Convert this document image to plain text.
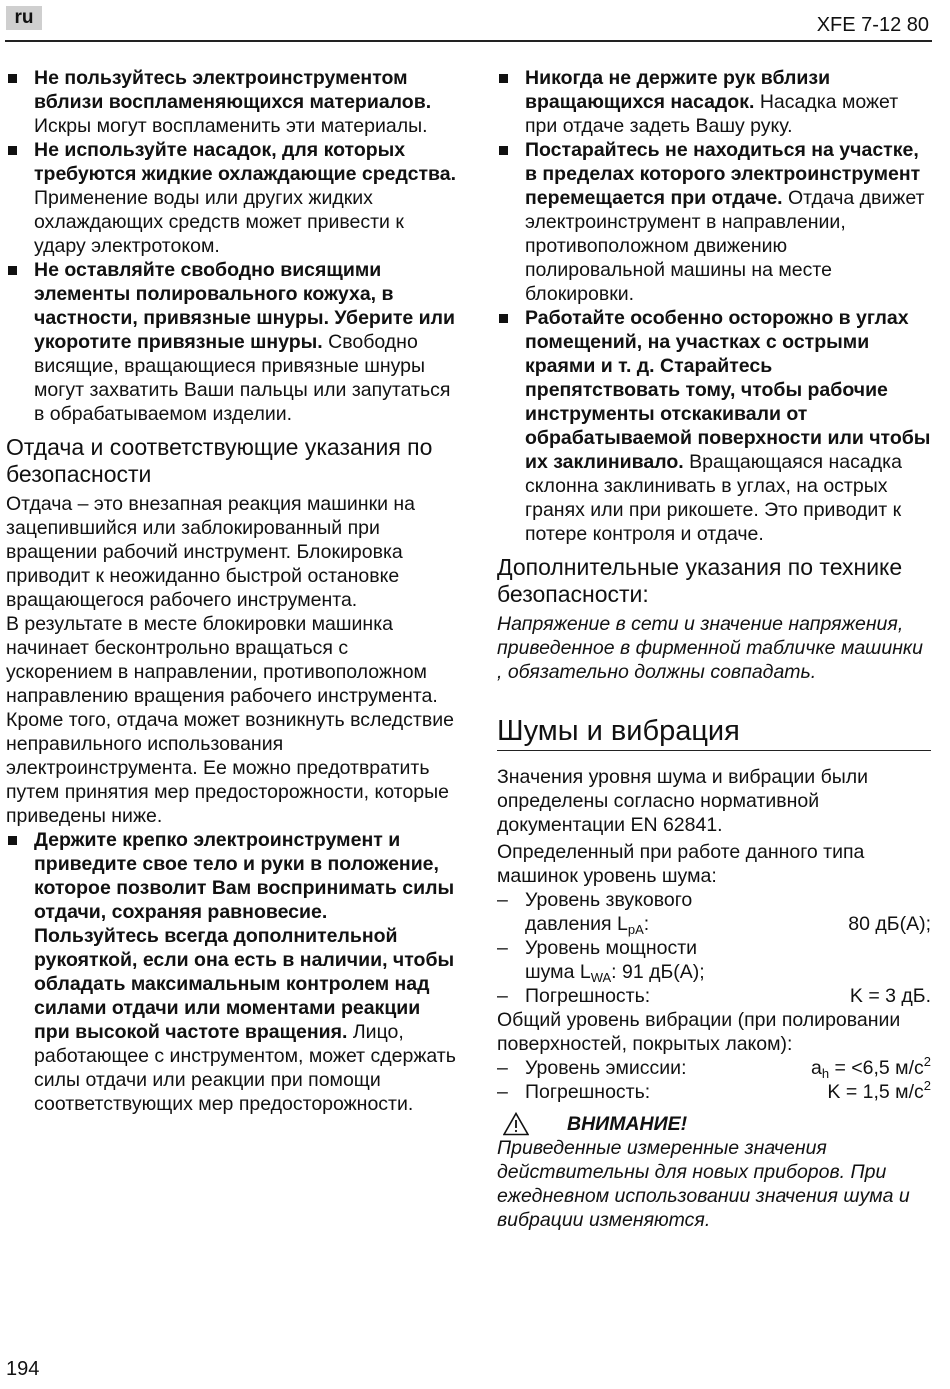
ru	XFE 7-12 80
Не пользуйтесь электроинструментом вблизи воспламеняющихся материалов. Искры могут воспламенить эти материалы.
Не используйте насадок, для которых требуются жидкие охлаждающие средства. Применение воды или других жидких охлаждающих средств может привести к удару электротоком.
Не оставляйте свободно висящими элементы полировального кожуха, в частности, привязные шнуры. Уберите или укоротите привязные шнуры. Свободно висящие, вращающиеся привязные шнуры могут захватить Ваши пальцы или запутаться в обрабатываемом изделии.
Отдача и соответствующие указания по безопасности

Отдача – это внезапная реакция машинки на зацепившийся или заблокированный при вращении рабочий инструмент. Блокировка приводит к неожиданно быстрой остановке вращающегося рабочего инструмента.

В результате в месте блокировки машинка начинает бесконтрольно вращаться с ускорением в направлении, противоположном направлению вращения рабочего инструмента.

Кроме того, отдача может возникнуть вследствие неправильного использования электроинструмента. Ее можно предотвратить путем принятия мер предосторожности, которые приведены ниже.

Держите крепко электроинструмент и приведите свое тело и руки в положение, которое позволит Вам воспринимать силы отдачи, сохраняя равновесие. Пользуйтесь всегда дополнительной рукояткой, если она есть в наличии, чтобы обладать максимальным контролем над силами отдачи или моментами реакции при высокой частоте вращения. Лицо, работающее с инструментом, может сдержать силы отдачи или реакции при помощи соответствующих мер предосторожности.
Никогда не держите рук вблизи вращающихся насадок. Насадка может при отдаче задеть Вашу руку.
Постарайтесь не находиться на участке, в пределах которого электроинструмент перемещается при отдаче. Отдача движет электроинструмент в направлении, противоположном движению полировальной машины на месте блокировки.
Работайте особенно осторожно в углах помещений, на участках с острыми краями и т. д. Старайтесь препятствовать тому, чтобы рабочие инструменты отскакивали от обрабатываемой поверхности или чтобы их заклинивало. Вращающаяся насадка склонна заклинивать в углах, на острых гранях или при рикошете. Это приводит к потере контроля и отдаче.
Дополнительные указания по технике безопасности:

Напряжение в сети и значение напряжения, приведенное в фирменной табличке машинки , обязательно должны совпадать.

Шумы и вибрация

Значения уровня шума и вибрации были определены согласно нормативной документации EN 62841.

Определенный при работе данного типа машинок уровень шума:

– Уровень звукового
давления $L_{pA}$:	80 дБ(A);
– Уровень мощности
шума $L_{WA}$: 91 дБ(A);
– Погрешность:	K = 3 дБ.

Общий уровень вибрации (при полировании поверхностей, покрытых лаком):

– Уровень эмиссии:	$a_h = <6,5$ $м/с^2$
– Погрешность:	K = 1,5 $м/с^2$
ВНИМАНИЕ!

Приведенные измеренные значения действительны для новых приборов. При ежедневном использовании значения шума и вибрации изменяются.

194
